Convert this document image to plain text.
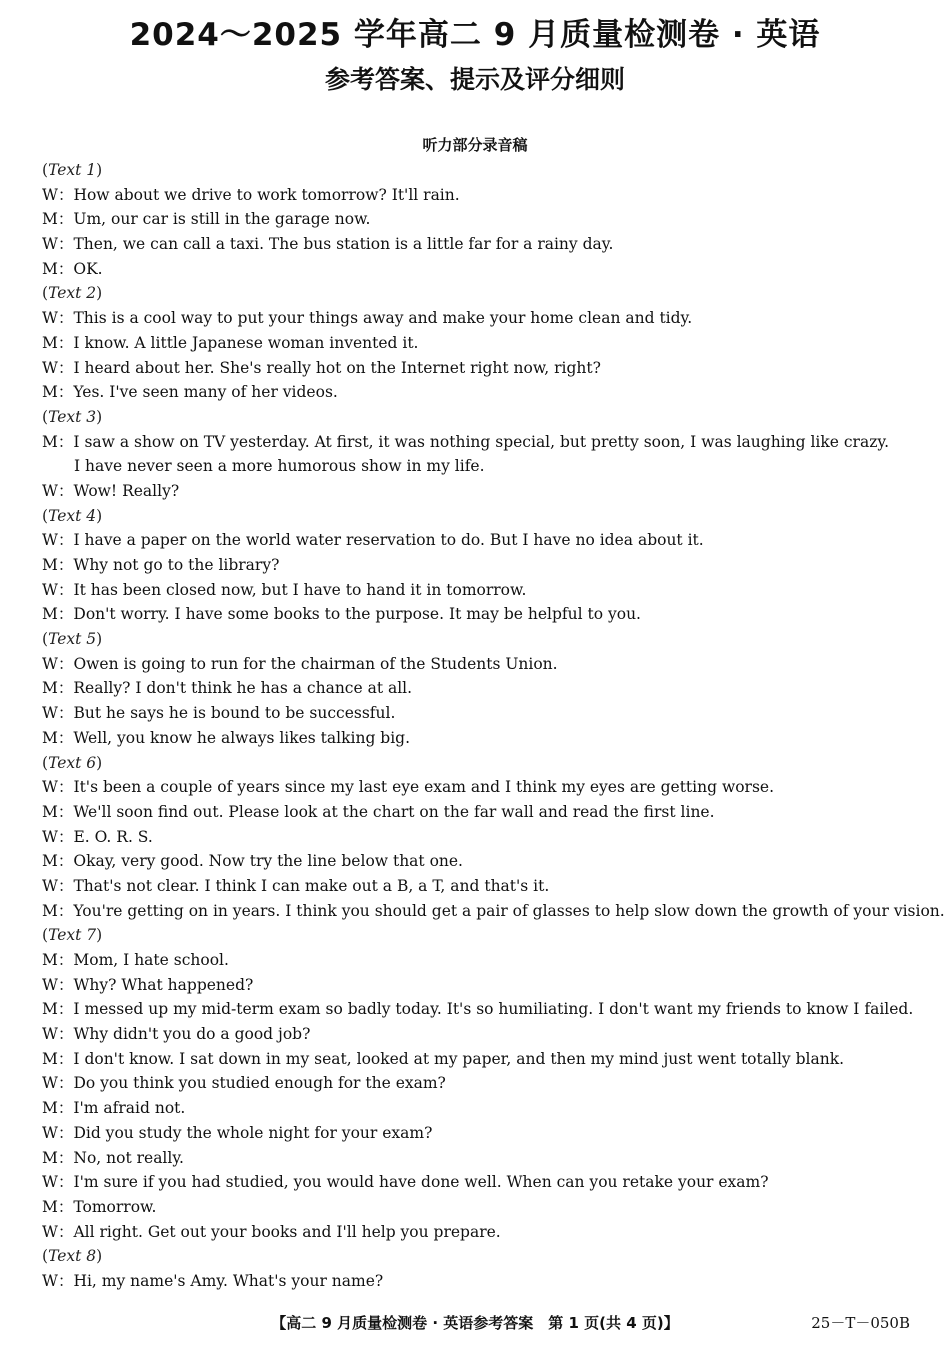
2024～2025 学年高二 9 月质量检测卷 · 英语
参考答案、提示及评分细则
听力部分录音稿
(Text 1)
W：How about we drive to work tomorrow? It'll rain.
M：Um, our car is still in the garage now.
W：Then, we can call a taxi. The bus station is a little far for a rainy day.
M：OK.
(Text 2)
W：This is a cool way to put your things away and make your home clean and tidy.
M：I know. A little Japanese woman invented it.
W：I heard about her. She's really hot on the Internet right now, right?
M：Yes. I've seen many of her videos.
(Text 3)
M：I saw a show on TV yesterday. At first, it was nothing special, but pretty soon, I was laughing like crazy.
I have never seen a more humorous show in my life.
W：Wow! Really?
(Text 4)
W：I have a paper on the world water reservation to do. But I have no idea about it.
M：Why not go to the library?
W：It has been closed now, but I have to hand it in tomorrow.
M：Don't worry. I have some books to the purpose. It may be helpful to you.
(Text 5)
W：Owen is going to run for the chairman of the Students Union.
M：Really? I don't think he has a chance at all.
W：But he says he is bound to be successful.
M：Well, you know he always likes talking big.
(Text 6)
W：It's been a couple of years since my last eye exam and I think my eyes are getting worse.
M：We'll soon find out. Please look at the chart on the far wall and read the first line.
W：E. O. R. S.
M：Okay, very good. Now try the line below that one.
W：That's not clear. I think I can make out a B, a T, and that's it.
M：You're getting on in years. I think you should get a pair of glasses to help slow down the growth of your vision.
(Text 7)
M：Mom, I hate school.
W：Why? What happened?
M：I messed up my mid-term exam so badly today. It's so humiliating. I don't want my friends to know I failed.
W：Why didn't you do a good job?
M：I don't know. I sat down in my seat, looked at my paper, and then my mind just went totally blank.
W：Do you think you studied enough for the exam?
M：I'm afraid not.
W：Did you study the whole night for your exam?
M：No, not really.
W：I'm sure if you had studied, you would have done well. When can you retake your exam?
M：Tomorrow.
W：All right. Get out your books and I'll help you prepare.
(Text 8)
W：Hi, my name's Amy. What's your name?
【高二 9 月质量检测卷 · 英语参考答案　第 1 页(共 4 页)】	25－T－050B
